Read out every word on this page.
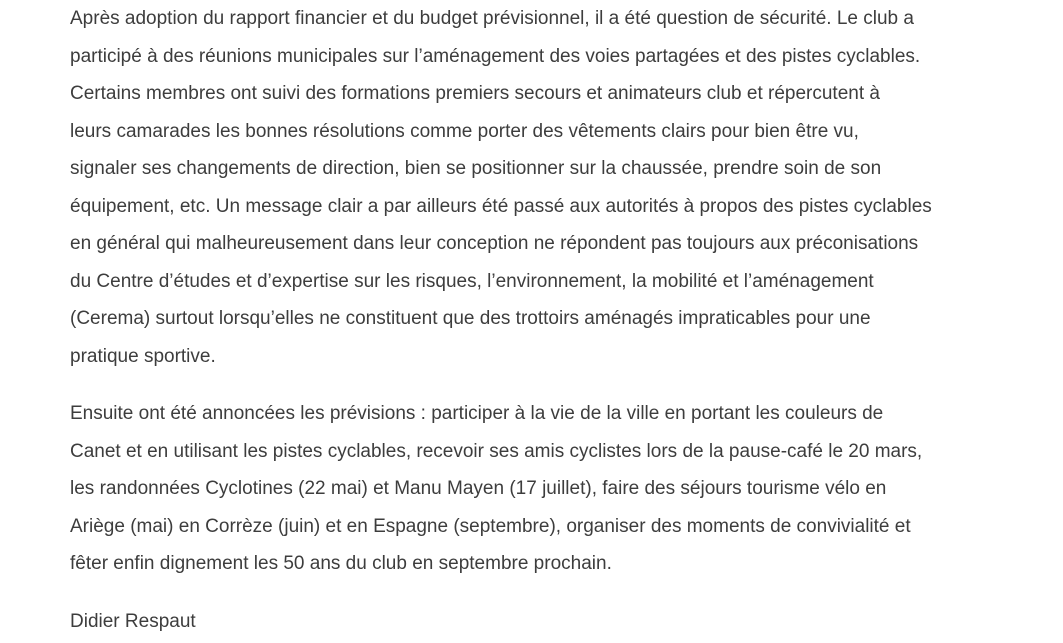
Après adoption du rapport financier et du budget prévisionnel, il a été question de sécurité. Le club a
participé à des réunions municipales sur l’aménagement des voies partagées et des pistes cyclables.
Certains membres ont suivi des formations premiers secours et animateurs club et répercutent à
leurs camarades les bonnes résolutions comme porter des vêtements clairs pour bien être vu,
signaler ses changements de direction, bien se positionner sur la chaussée, prendre soin de son
équipement, etc. Un message clair a par ailleurs été passé aux autorités à propos des pistes cyclables
en général qui malheureusement dans leur conception ne répondent pas toujours aux préconisations
du Centre d’études et d’expertise sur les risques, l’environnement, la mobilité et l’aménagement
(Cerema) surtout lorsqu’elles ne constituent que des trottoirs aménagés impraticables pour une
pratique sportive.
Ensuite ont été annoncées les prévisions : participer à la vie de la ville en portant les couleurs de
Canet et en utilisant les pistes cyclables, recevoir ses amis cyclistes lors de la pause-café le 20 mars,
les randonnées Cyclotines (22 mai) et Manu Mayen (17 juillet), faire des séjours tourisme vélo en
Ariège (mai) en Corrèze (juin) et en Espagne (septembre), organiser des moments de convivialité et
fêter enfin dignement les 50 ans du club en septembre prochain.
Didier Respaut
